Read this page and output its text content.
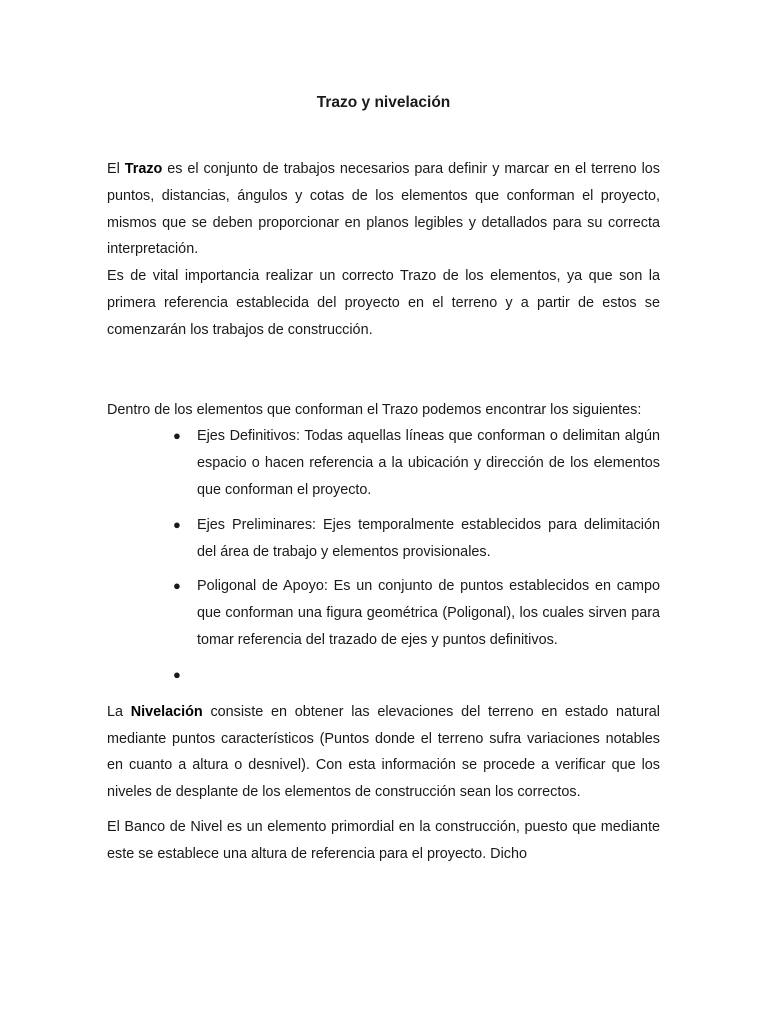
Trazo y nivelación

El Trazo es el conjunto de trabajos necesarios para definir y marcar en el terreno los puntos, distancias, ángulos y cotas de los elementos que conforman el proyecto, mismos que se deben proporcionar en planos legibles y detallados para su correcta interpretación.

Es de vital importancia realizar un correcto Trazo de los elementos, ya que son la primera referencia establecida del proyecto en el terreno y a partir de estos se comenzarán los trabajos de construcción.

Dentro de los elementos que conforman el Trazo podemos encontrar los siguientes:

● Ejes Definitivos: Todas aquellas líneas que conforman o delimitan algún espacio o hacen referencia a la ubicación y dirección de los elementos que conforman el proyecto.
● Ejes Preliminares: Ejes temporalmente establecidos para delimitación del área de trabajo y elementos provisionales.
● Poligonal de Apoyo: Es un conjunto de puntos establecidos en campo que conforman una figura geométrica (Poligonal), los cuales sirven para tomar referencia del trazado de ejes y puntos definitivos.
●

La Nivelación consiste en obtener las elevaciones del terreno en estado natural mediante puntos característicos (Puntos donde el terreno sufra variaciones notables en cuanto a altura o desnivel). Con esta información se procede a verificar que los niveles de desplante de los elementos de construcción sean los correctos.

El Banco de Nivel es un elemento primordial en la construcción, puesto que mediante este se establece una altura de referencia para el proyecto. Dicho
